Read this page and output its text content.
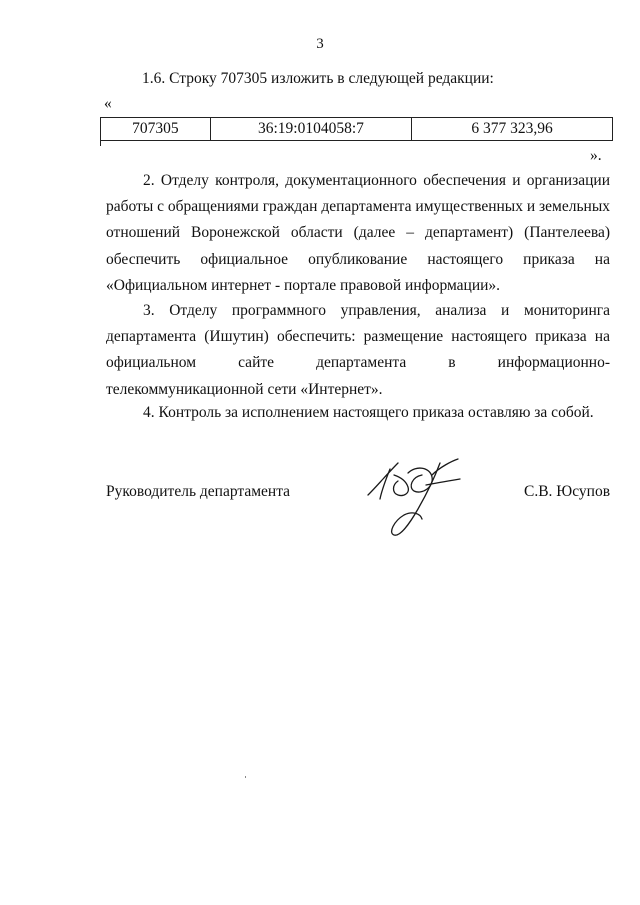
3
1.6. Строку 707305 изложить в следующей редакции:
«
707305	36:19:0104058:7	6 377 323,96
».
2. Отделу контроля, документационного обеспечения и организации работы с обращениями граждан департамента имущественных и земельных отношений Воронежской области (далее – департамент) (Пантелеева) обеспечить официальное опубликование настоящего приказа на «Официальном интернет - портале правовой информации».
3. Отделу программного управления, анализа и мониторинга департамента (Ишутин) обеспечить: размещение настоящего приказа на официальном сайте департамента в информационно-телекоммуникационной сети «Интернет».
4. Контроль за исполнением настоящего приказа оставляю за собой.
Руководитель департамента	С.В. Юсупов
